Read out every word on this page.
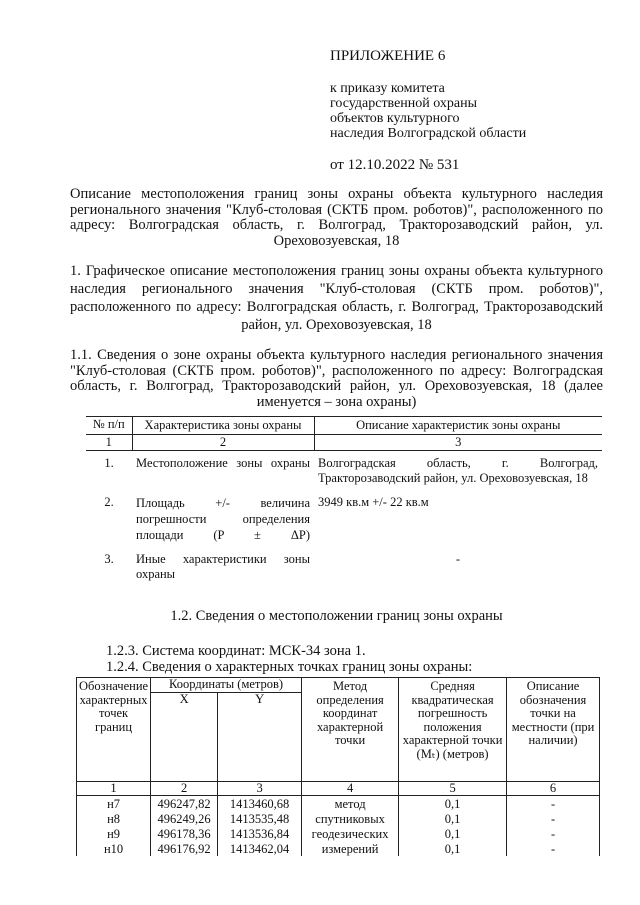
ПРИЛОЖЕНИЕ 6
к приказу комитета
государственной охраны
объектов культурного
наследия Волгоградской области
от 12.10.2022 № 531
Описание местоположения границ зоны охраны объекта культурного наследия регионального значения "Клуб-столовая (СКТБ пром. роботов)", расположенного по адресу: Волгоградская область, г. Волгоград, Тракторозаводский район, ул. Ореховозуевская, 18
1. Графическое описание местоположения границ зоны охраны объекта культурного наследия регионального значения "Клуб-столовая (СКТБ пром. роботов)", расположенного по адресу: Волгоградская область, г. Волгоград, Тракторозаводский район, ул. Ореховозуевская, 18
1.1. Сведения о зоне охраны объекта культурного наследия регионального значения "Клуб-столовая (СКТБ пром. роботов)", расположенного по адресу: Волгоградская область, г. Волгоград, Тракторозаводский район, ул. Ореховозуевская, 18 (далее именуется – зона охраны)
№ п/п	Характеристика зоны охраны	Описание характеристик зоны охраны
1	2	3
1.	Местоположение зоны охраны	Волгоградская область, г. Волгоград, Тракторозаводский район, ул. Ореховозуевская, 18
2.	Площадь +/- величина погрешности определения площади (P ± ΔP)	3949 кв.м +/- 22 кв.м
3.	Иные характеристики зоны охраны	-
1.2. Сведения о местоположении границ зоны охраны
1.2.3. Система координат: МСК-34 зона 1.
1.2.4. Сведения о характерных точках границ зоны охраны:
Обозначение характерных точек границ	Координаты (метров)		Метод определения координат характерной точки	Средняя квадратическая погрешность положения характерной точки (Mₜ) (метров)	Описание обозначения точки на местности (при наличии)
	X	Y			
1	2	3	4	5	6
н7	496247,82	1413460,68	метод	0,1	-
н8	496249,26	1413535,48	спутниковых	0,1	-
н9	496178,36	1413536,84	геодезических	0,1	-
н10	496176,92	1413462,04	измерений	0,1	-
